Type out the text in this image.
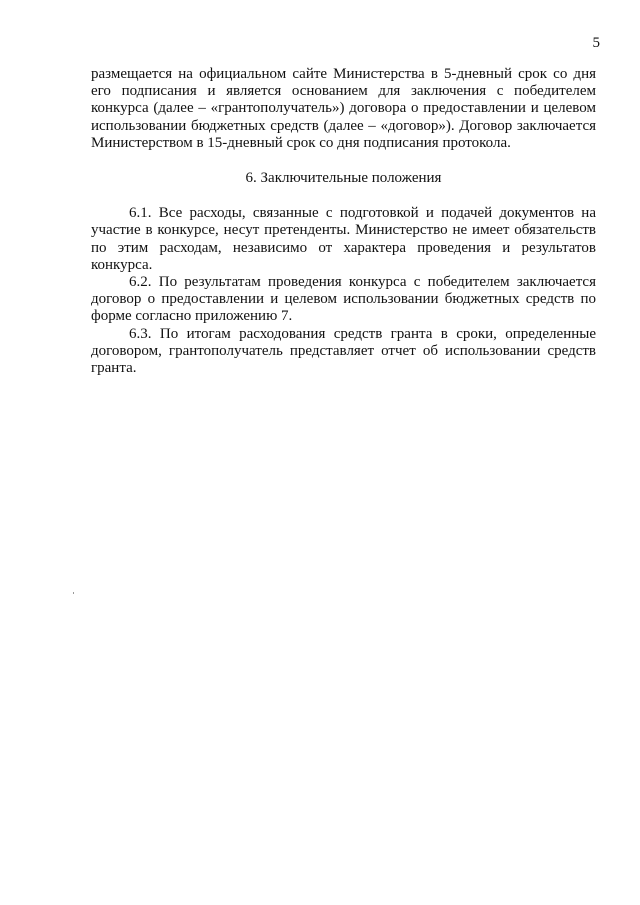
5

размещается на официальном сайте Министерства в 5-дневный срок со дня его подписания и является основанием для заключения с победителем конкурса (далее – «грантополучатель») договора о предоставлении и целевом использовании бюджетных средств (далее – «договор»). Договор заключается Министерством в 15-дневный срок со дня подписания протокола.

6. Заключительные положения

6.1. Все расходы, связанные с подготовкой и подачей документов на участие в конкурсе, несут претенденты. Министерство не имеет обязательств по этим расходам, независимо от характера проведения и результатов конкурса.

6.2. По результатам проведения конкурса с победителем заключается договор о предоставлении и целевом использовании бюджетных средств по форме согласно приложению 7.

6.3. По итогам расходования средств гранта в сроки, определенные договором, грантополучатель представляет отчет об использовании средств гранта.
